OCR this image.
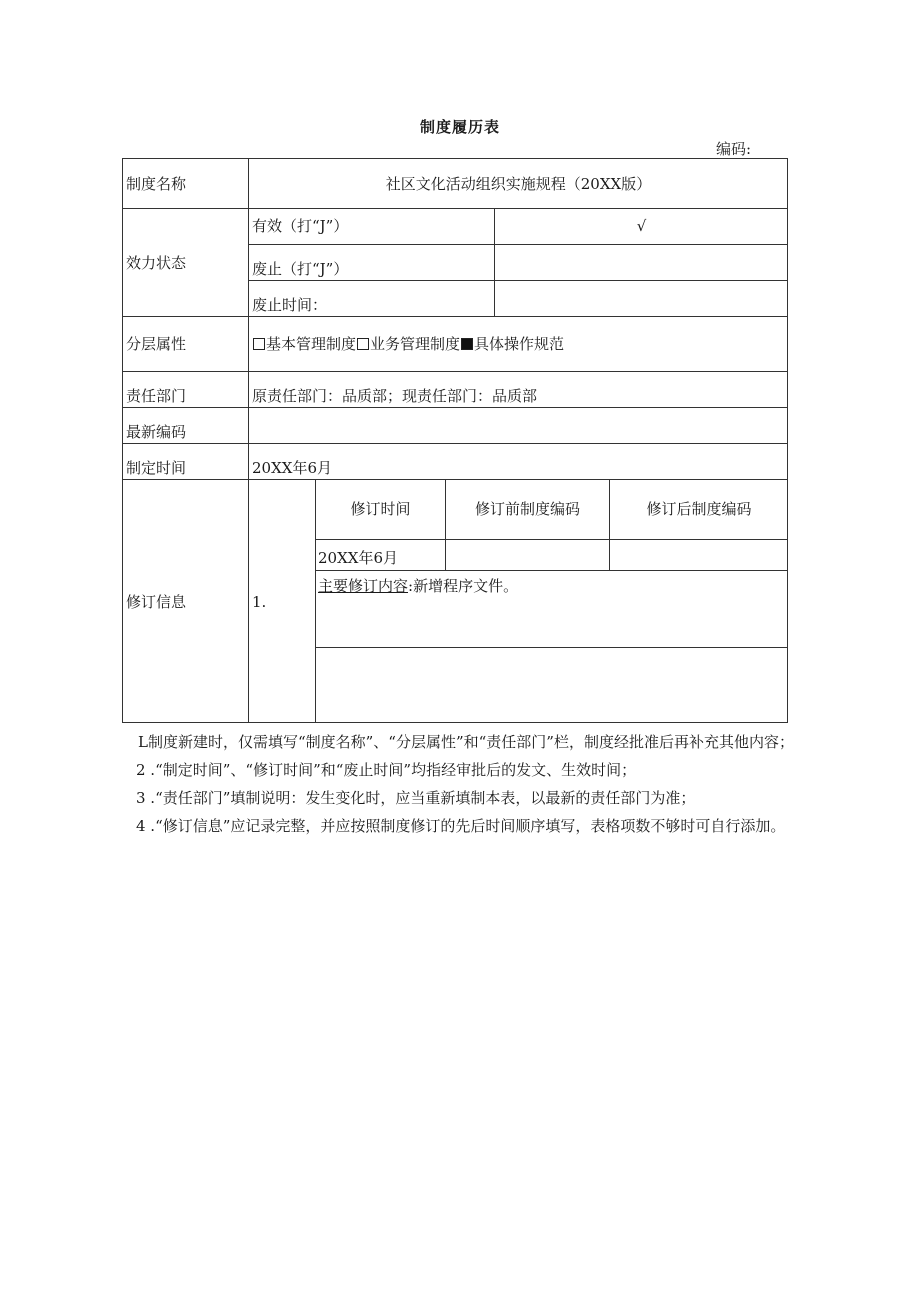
制度履历表
编码:
制度名称	社区文化活动组织实施规程（20XX版）
效力状态
有效（打“J”）	√
废止（打“J”）
废止时间：
分层属性	基本管理制度 业务管理制度 具体操作规范
责任部门	原责任部门：品质部；现责任部门：品质部
最新编码
制定时间	20XX年6月
修订信息	1.
修订时间	修订前制度编码	修订后制度编码
20XX年6月
主要修订内容:新增程序文件。

L制度新建时，仅需填写“制度名称”、“分层属性”和“责任部门”栏，制度经批准后再补充其他内容；

2 .“制定时间”、“修订时间”和“废止时间”均指经审批后的发文、生效时间；

3 .“责任部门”填制说明：发生变化时，应当重新填制本表，以最新的责任部门为准；

4 .“修订信息”应记录完整，并应按照制度修订的先后时间顺序填写，表格项数不够时可自行添加。
